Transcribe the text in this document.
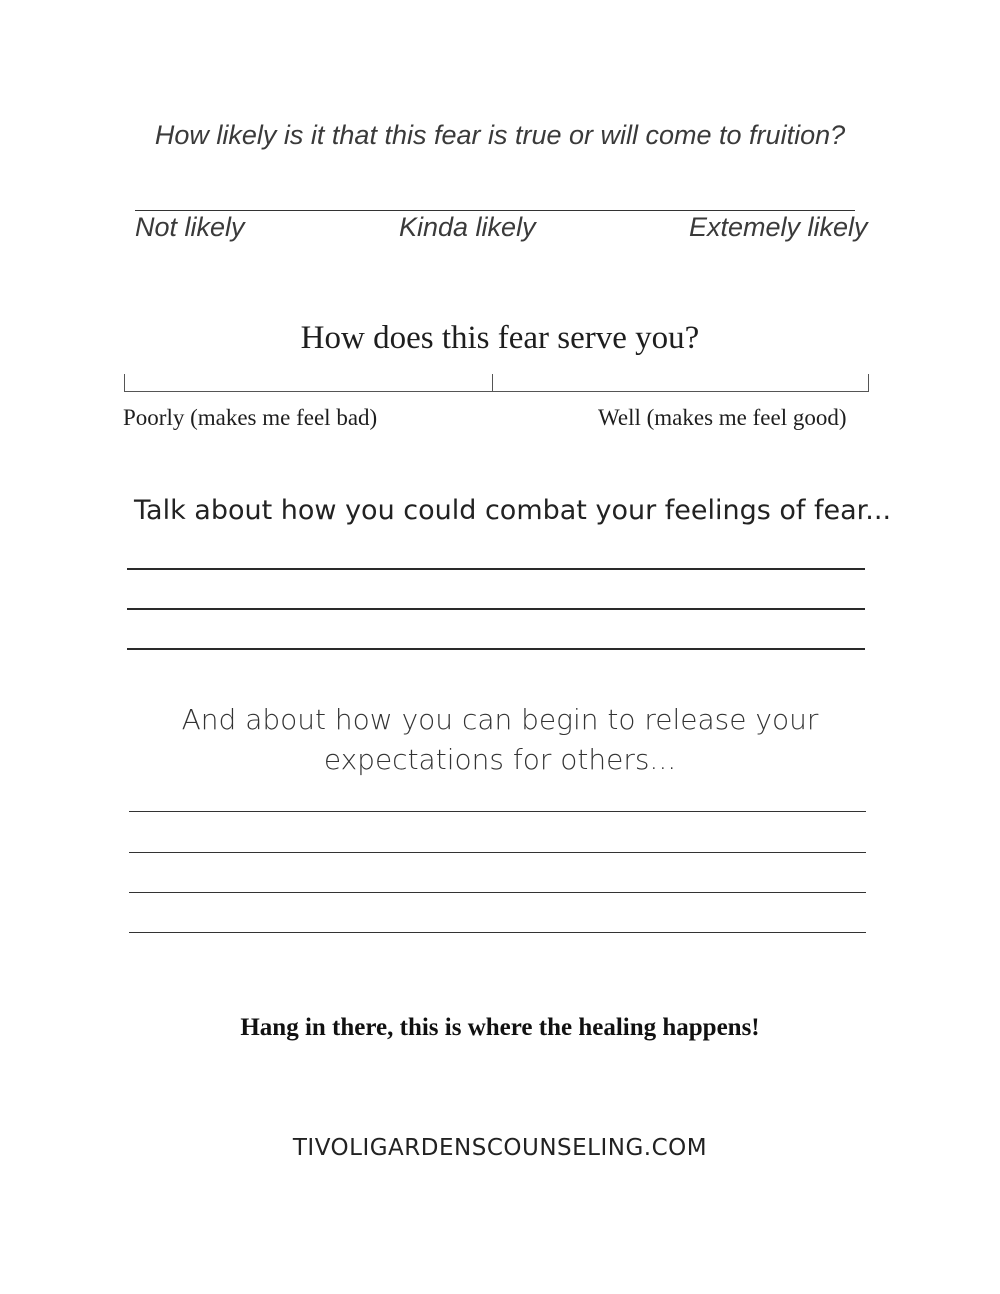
How likely is it that this fear is true or will come to fruition?
Not likely	Kinda likely	Extemely likely
How does this fear serve you?
Poorly (makes me feel bad)	Well (makes me feel good)
Talk about how you could combat your feelings of fear...
And about how you can begin to release your
expectations for others...
Hang in there, this is where the healing happens!
TIVOLIGARDENSCOUNSELING.COM
